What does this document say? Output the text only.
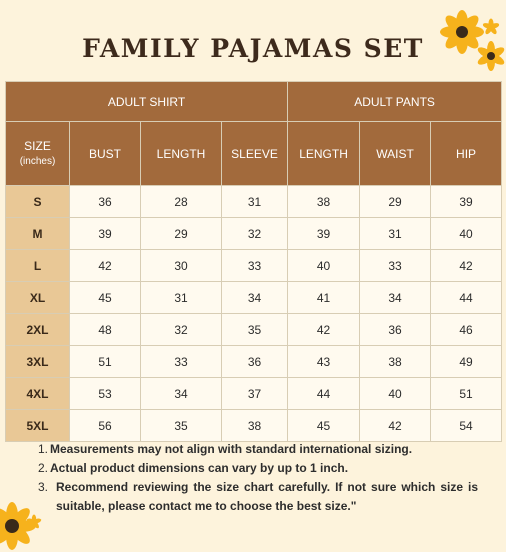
FAMILY PAJAMAS SET
ADULT SHIRT				ADULT PANTS		
SIZE
(inches)	BUST	LENGTH	SLEEVE	LENGTH	WAIST	HIP
S	36	28	31	38	29	39
M	39	29	32	39	31	40
L	42	30	33	40	33	42
XL	45	31	34	41	34	44
2XL	48	32	35	42	36	46
3XL	51	33	36	43	38	49
4XL	53	34	37	44	40	51
5XL	56	35	38	45	42	54
1. Measurements may not align with standard international sizing.
2. Actual product dimensions can vary by up to 1 inch.
3. Recommend reviewing the size chart carefully. If not sure which size is suitable, please contact me to choose the best size."
